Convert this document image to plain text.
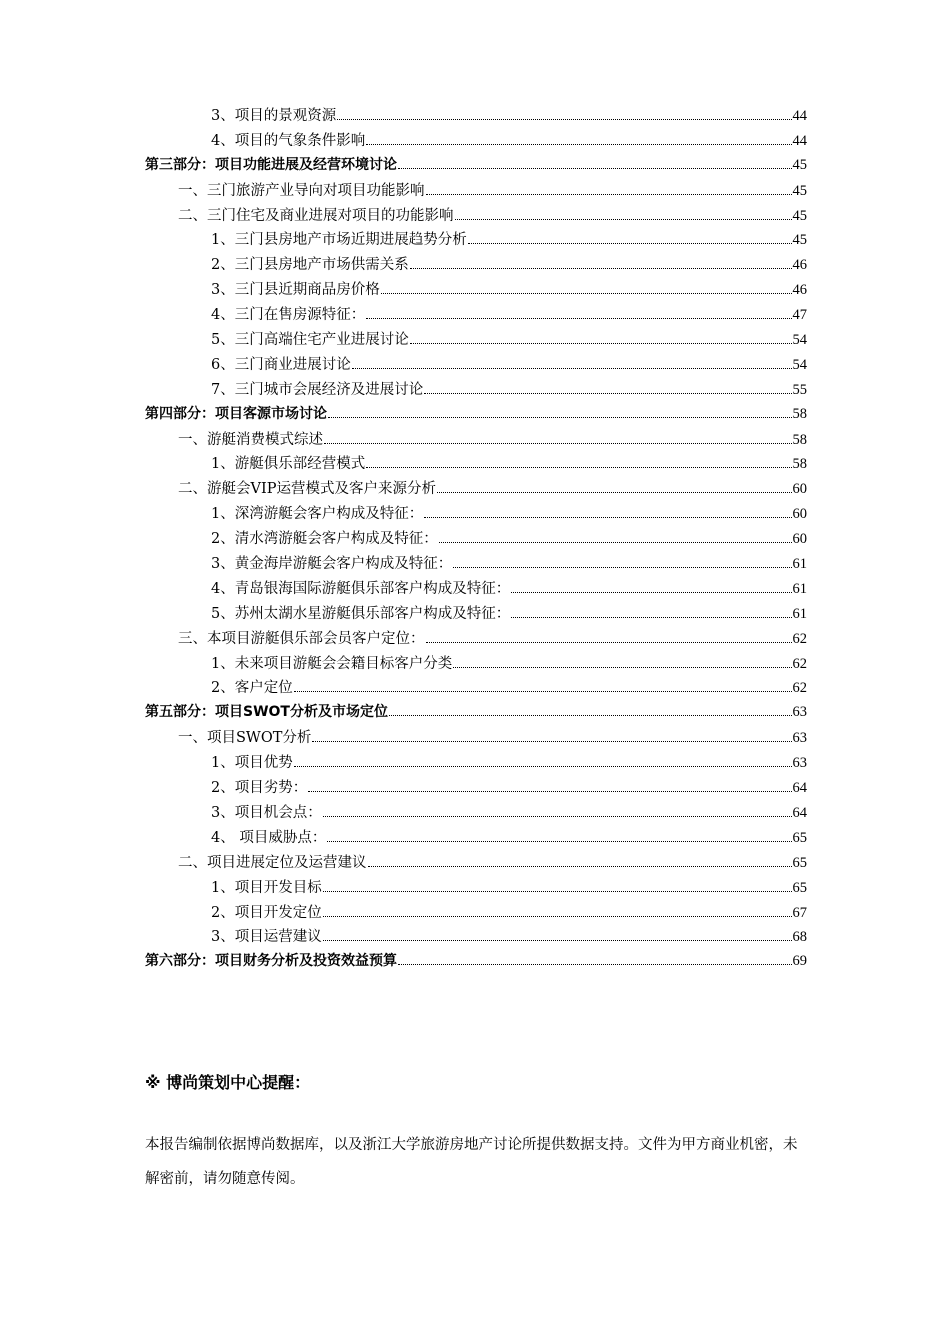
3、项目的景观资源	44
4、项目的气象条件影响	44
第三部分：项目功能进展及经营环境讨论	45
一、三门旅游产业导向对项目功能影响	45
二、三门住宅及商业进展对项目的功能影响	45
1、三门县房地产市场近期进展趋势分析	45
2、三门县房地产市场供需关系	46
3、三门县近期商品房价格	46
4、三门在售房源特征：	47
5、三门高端住宅产业进展讨论	54
6、三门商业进展讨论	54
7、三门城市会展经济及进展讨论	55
第四部分：项目客源市场讨论	58
一、游艇消费模式综述	58
1、游艇俱乐部经营模式	58
二、游艇会VIP运营模式及客户来源分析	60
1、深湾游艇会客户构成及特征：	60
2、清水湾游艇会客户构成及特征：	60
3、黄金海岸游艇会客户构成及特征：	61
4、青岛银海国际游艇俱乐部客户构成及特征：	61
5、苏州太湖水星游艇俱乐部客户构成及特征：	61
三、本项目游艇俱乐部会员客户定位：	62
1、未来项目游艇会会籍目标客户分类	62
2、客户定位	62
第五部分：项目SWOT分析及市场定位	63
一、项目SWOT分析	63
1、项目优势	63
2、项目劣势：	64
3、项目机会点：	64
4、 项目威胁点：	65
二、项目进展定位及运营建议	65
1、项目开发目标	65
2、项目开发定位	67
3、项目运营建议	68
第六部分：项目财务分析及投资效益预算	69
※ 博尚策划中心提醒：
本报告编制依据博尚数据库，以及浙江大学旅游房地产讨论所提供数据支持。文件为甲方商业机密，未解密前，请勿随意传阅。
